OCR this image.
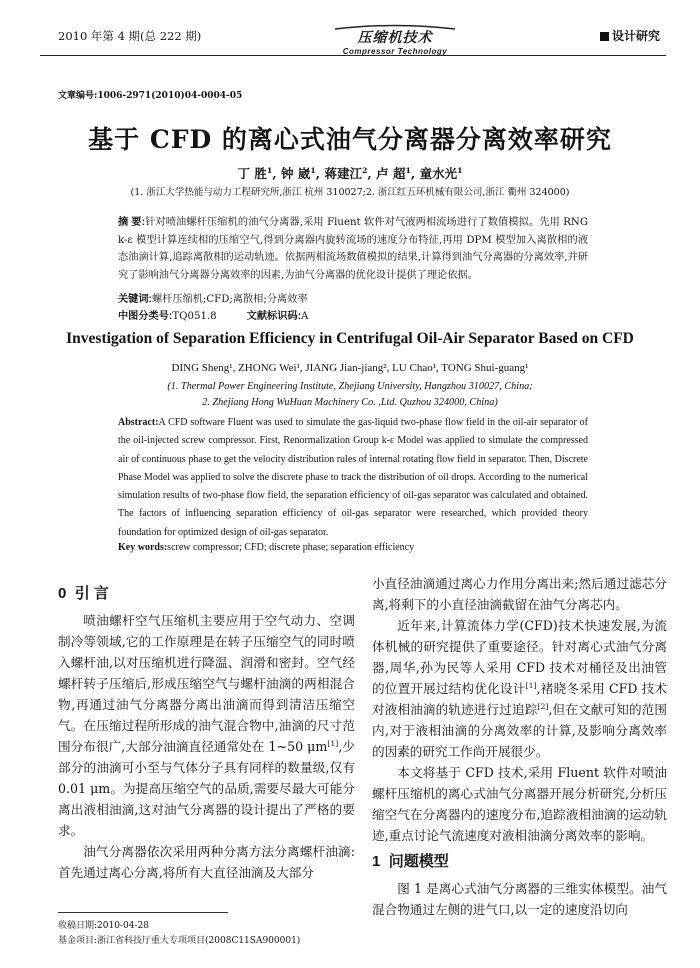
2010 年第 4 期(总 222 期)	压缩机技术
Compressor Technology
设计研究
文章编号:1006-2971(2010)04-0004-05
基于 CFD 的离心式油气分离器分离效率研究
丁 胜$^1$, 钟 崴$^1$, 蒋建江$^2$, 卢 超$^1$, 童水光$^1$
(1. 浙江大学热能与动力工程研究所,浙江 杭州 310027;2. 浙江红五环机械有限公司,浙江 衢州 324000)
摘 要:针对喷油螺杆压缩机的油气分离器,采用 Fluent 软件对气液两相流场进行了数值模拟。先用 RNG k-ε 模型计算连续相的压缩空气,得到分离器内旋转流场的速度分布特征,再用 DPM 模型加入离散相的液态油滴计算,追踪离散相的运动轨迹。依据两相流场数值模拟的结果,计算得到油气分离器的分离效率,并研究了影响油气分离器分离效率的因素,为油气分离器的优化设计提供了理论依据。
关键词:螺杆压缩机;CFD;离散相;分离效率
中图分类号:TQ051.8	文献标识码:A
Investigation of Separation Efficiency in Centrifugal Oil-Air Separator Based on CFD
DING Sheng¹, ZHONG Wei¹, JIANG Jian-jiang², LU Chao¹, TONG Shui-guang¹
(1. Thermal Power Engineering Institute, Zhejiang University, Hangzhou 310027, China;
2. Zhejiang Hong WuHuan Machinery Co. ,Ltd. Quzhou 324000, China)
Abstract:A CFD software Fluent was used to simulate the gas-liquid two-phase flow field in the oil-air separator of the oil-injected screw compressor. First, Renormalization Group k-ε Model was applied to simulate the compressed air of continuous phase to get the velocity distribution rules of internal rotating flow field in separator. Then, Discrete Phase Model was applied to solve the discrete phase to track the distribution of oil drops. According to the numerical simulation results of two-phase flow field, the separation efficiency of oil-gas separator was calculated and obtained. The factors of influencing separation efficiency of oil-gas separator were researched, which provided theory foundation for optimized design of oil-gas separator.
Key words:screw compressor; CFD; discrete phase; separation efficiency
0 引 言
喷油螺杆空气压缩机主要应用于空气动力、空调制冷等领域,它的工作原理是在转子压缩空气的同时喷入螺杆油,以对压缩机进行降温、润滑和密封。空气经螺杆转子压缩后,形成压缩空气与螺杆油滴的两相混合物,再通过油气分离器分离出油滴而得到清洁压缩空气。在压缩过程所形成的油气混合物中,油滴的尺寸范围分布很广,大部分油滴直径通常处在 1~50 μm[1],少部分的油滴可小至与气体分子具有同样的数量级,仅有 0.01 μm。为提高压缩空气的品质,需要尽最大可能分离出液相油滴,这对油气分离器的设计提出了严格的要求。
油气分离器依次采用两种分离方法分离螺杆油滴:首先通过离心分离,将所有大直径油滴及大部分
小直径油滴通过离心力作用分离出来;然后通过滤芯分离,将剩下的小直径油滴截留在油气分离芯内。
近年来,计算流体力学(CFD)技术快速发展,为流体机械的研究提供了重要途径。针对离心式油气分离器,周华,孙为民等人采用 CFD 技术对桶径及出油管的位置开展过结构优化设计[1],褚晓冬采用 CFD 技术对液相油滴的轨迹进行过追踪[2],但在文献可知的范围内,对于液相油滴的分离效率的计算,及影响分离效率的因素的研究工作尚开展很少。
本文将基于 CFD 技术,采用 Fluent 软件对喷油螺杆压缩机的离心式油气分离器开展分析研究,分析压缩空气在分离器内的速度分布,追踪液相油滴的运动轨迹,重点讨论气流速度对液相油滴分离效率的影响。
1 问题模型
图 1 是离心式油气分离器的三维实体模型。油气混合物通过左侧的进气口,以一定的速度沿切向
收稿日期:2010-04-28
基金项目:浙江省科技厅重大专项项目(2008C11SA900001)
